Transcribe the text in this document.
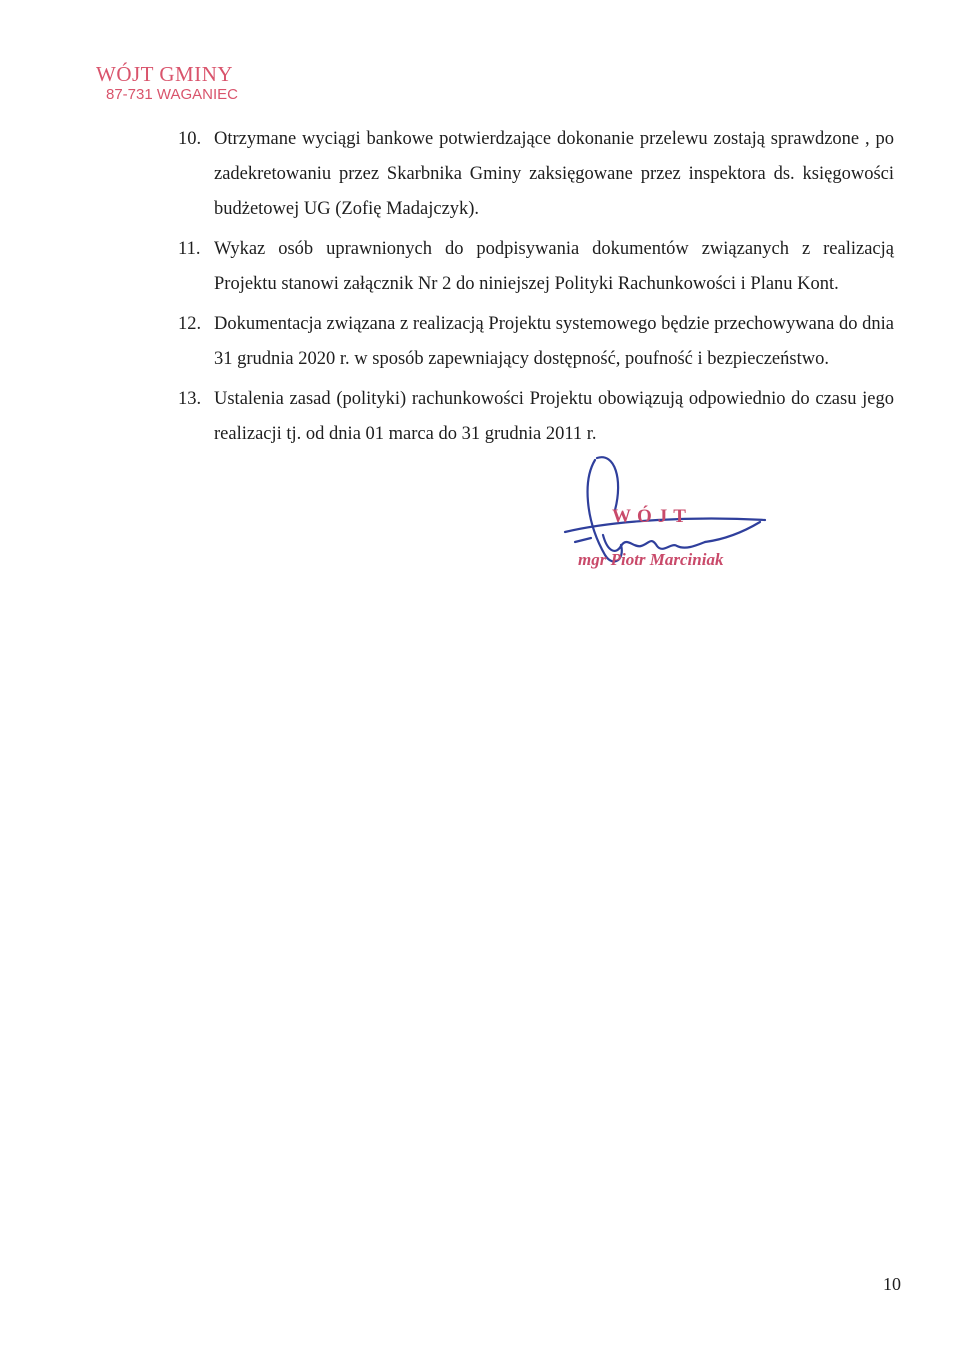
WÓJT GMINY
87-731 WAGANIEC
10. Otrzymane wyciągi bankowe potwierdzające dokonanie przelewu zostają sprawdzone , po zadekretowaniu przez Skarbnika Gminy zaksięgowane przez inspektora ds. księgowości budżetowej UG (Zofię Madajczyk).
11. Wykaz osób uprawnionych do podpisywania dokumentów związanych z realizacją Projektu stanowi załącznik Nr 2 do niniejszej Polityki Rachunkowości i Planu Kont.
12. Dokumentacja związana z realizacją Projektu systemowego będzie przechowywana do dnia 31 grudnia 2020 r. w sposób zapewniający dostępność, poufność i bezpieczeństwo.
13. Ustalenia zasad (polityki) rachunkowości Projektu obowiązują odpowiednio do czasu jego realizacji tj. od dnia 01 marca do 31 grudnia 2011 r.
WÓJT
mgr Piotr Marciniak
10
